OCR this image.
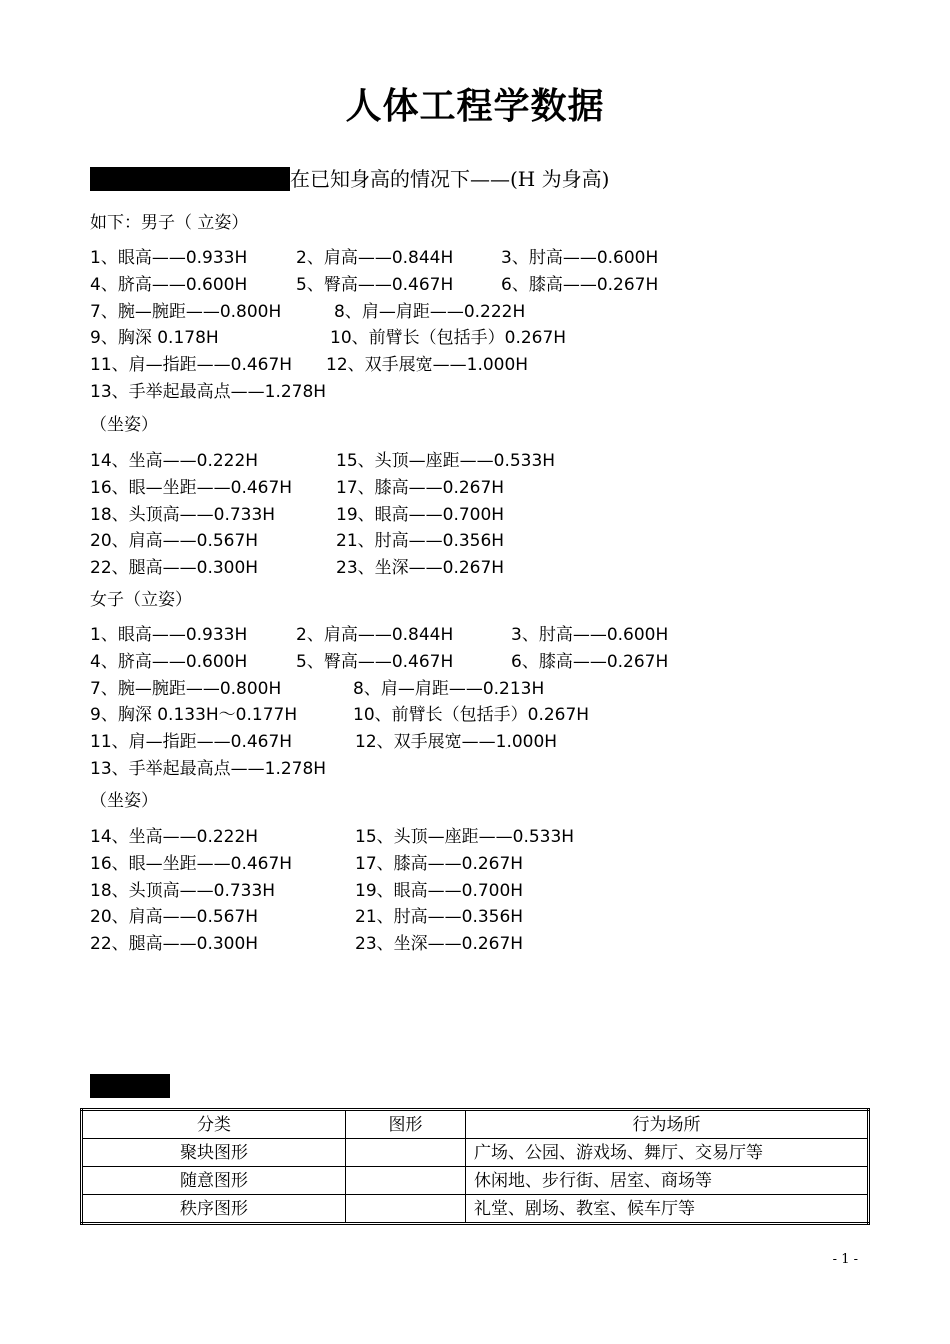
人体工程学数据
由身高计算各部分尺寸在已知身高的情况下——(H 为身高)
如下：男子（ 立姿）
1、眼高——0.933H	2、肩高——0.844H	3、肘高——0.600H
4、脐高——0.600H	5、臀高——0.467H	6、膝高——0.267H
7、腕—腕距——0.800H	8、肩—肩距——0.222H
9、胸深 0.178H	10、前臂长（包括手）0.267H
11、肩—指距——0.467H 12、双手展宽——1.000H
13、手举起最高点——1.278H
（坐姿）
14、坐高——0.222H	15、头顶—座距——0.533H
16、眼—坐距——0.467H	17、膝高——0.267H
18、头顶高——0.733H	19、眼高——0.700H
20、肩高——0.567H	21、肘高——0.356H
22、腿高——0.300H	23、坐深——0.267H
女子（立姿）
1、眼高——0.933H	2、肩高——0.844H	3、肘高——0.600H
4、脐高——0.600H	5、臀高——0.467H	6、膝高——0.267H
7、腕—腕距——0.800H	8、肩—肩距——0.213H
9、胸深 0.133H～0.177H	10、前臂长（包括手）0.267H
11、肩—指距——0.467H	12、双手展宽——1.000H
13、手举起最高点——1.278H
（坐姿）
14、坐高——0.222H	15、头顶—座距——0.533H
16、眼—坐距——0.467H	17、膝高——0.267H
18、头顶高——0.733H	19、眼高——0.700H
20、肩高——0.567H	21、肘高——0.356H
22、腿高——0.300H	23、坐深——0.267H
空间分布
分类	图形	行为场所
聚块图形		广场、公园、游戏场、舞厅、交易厅等
随意图形		休闲地、步行街、居室、商场等
秩序图形		礼堂、剧场、教室、候车厅等
- 1 -
